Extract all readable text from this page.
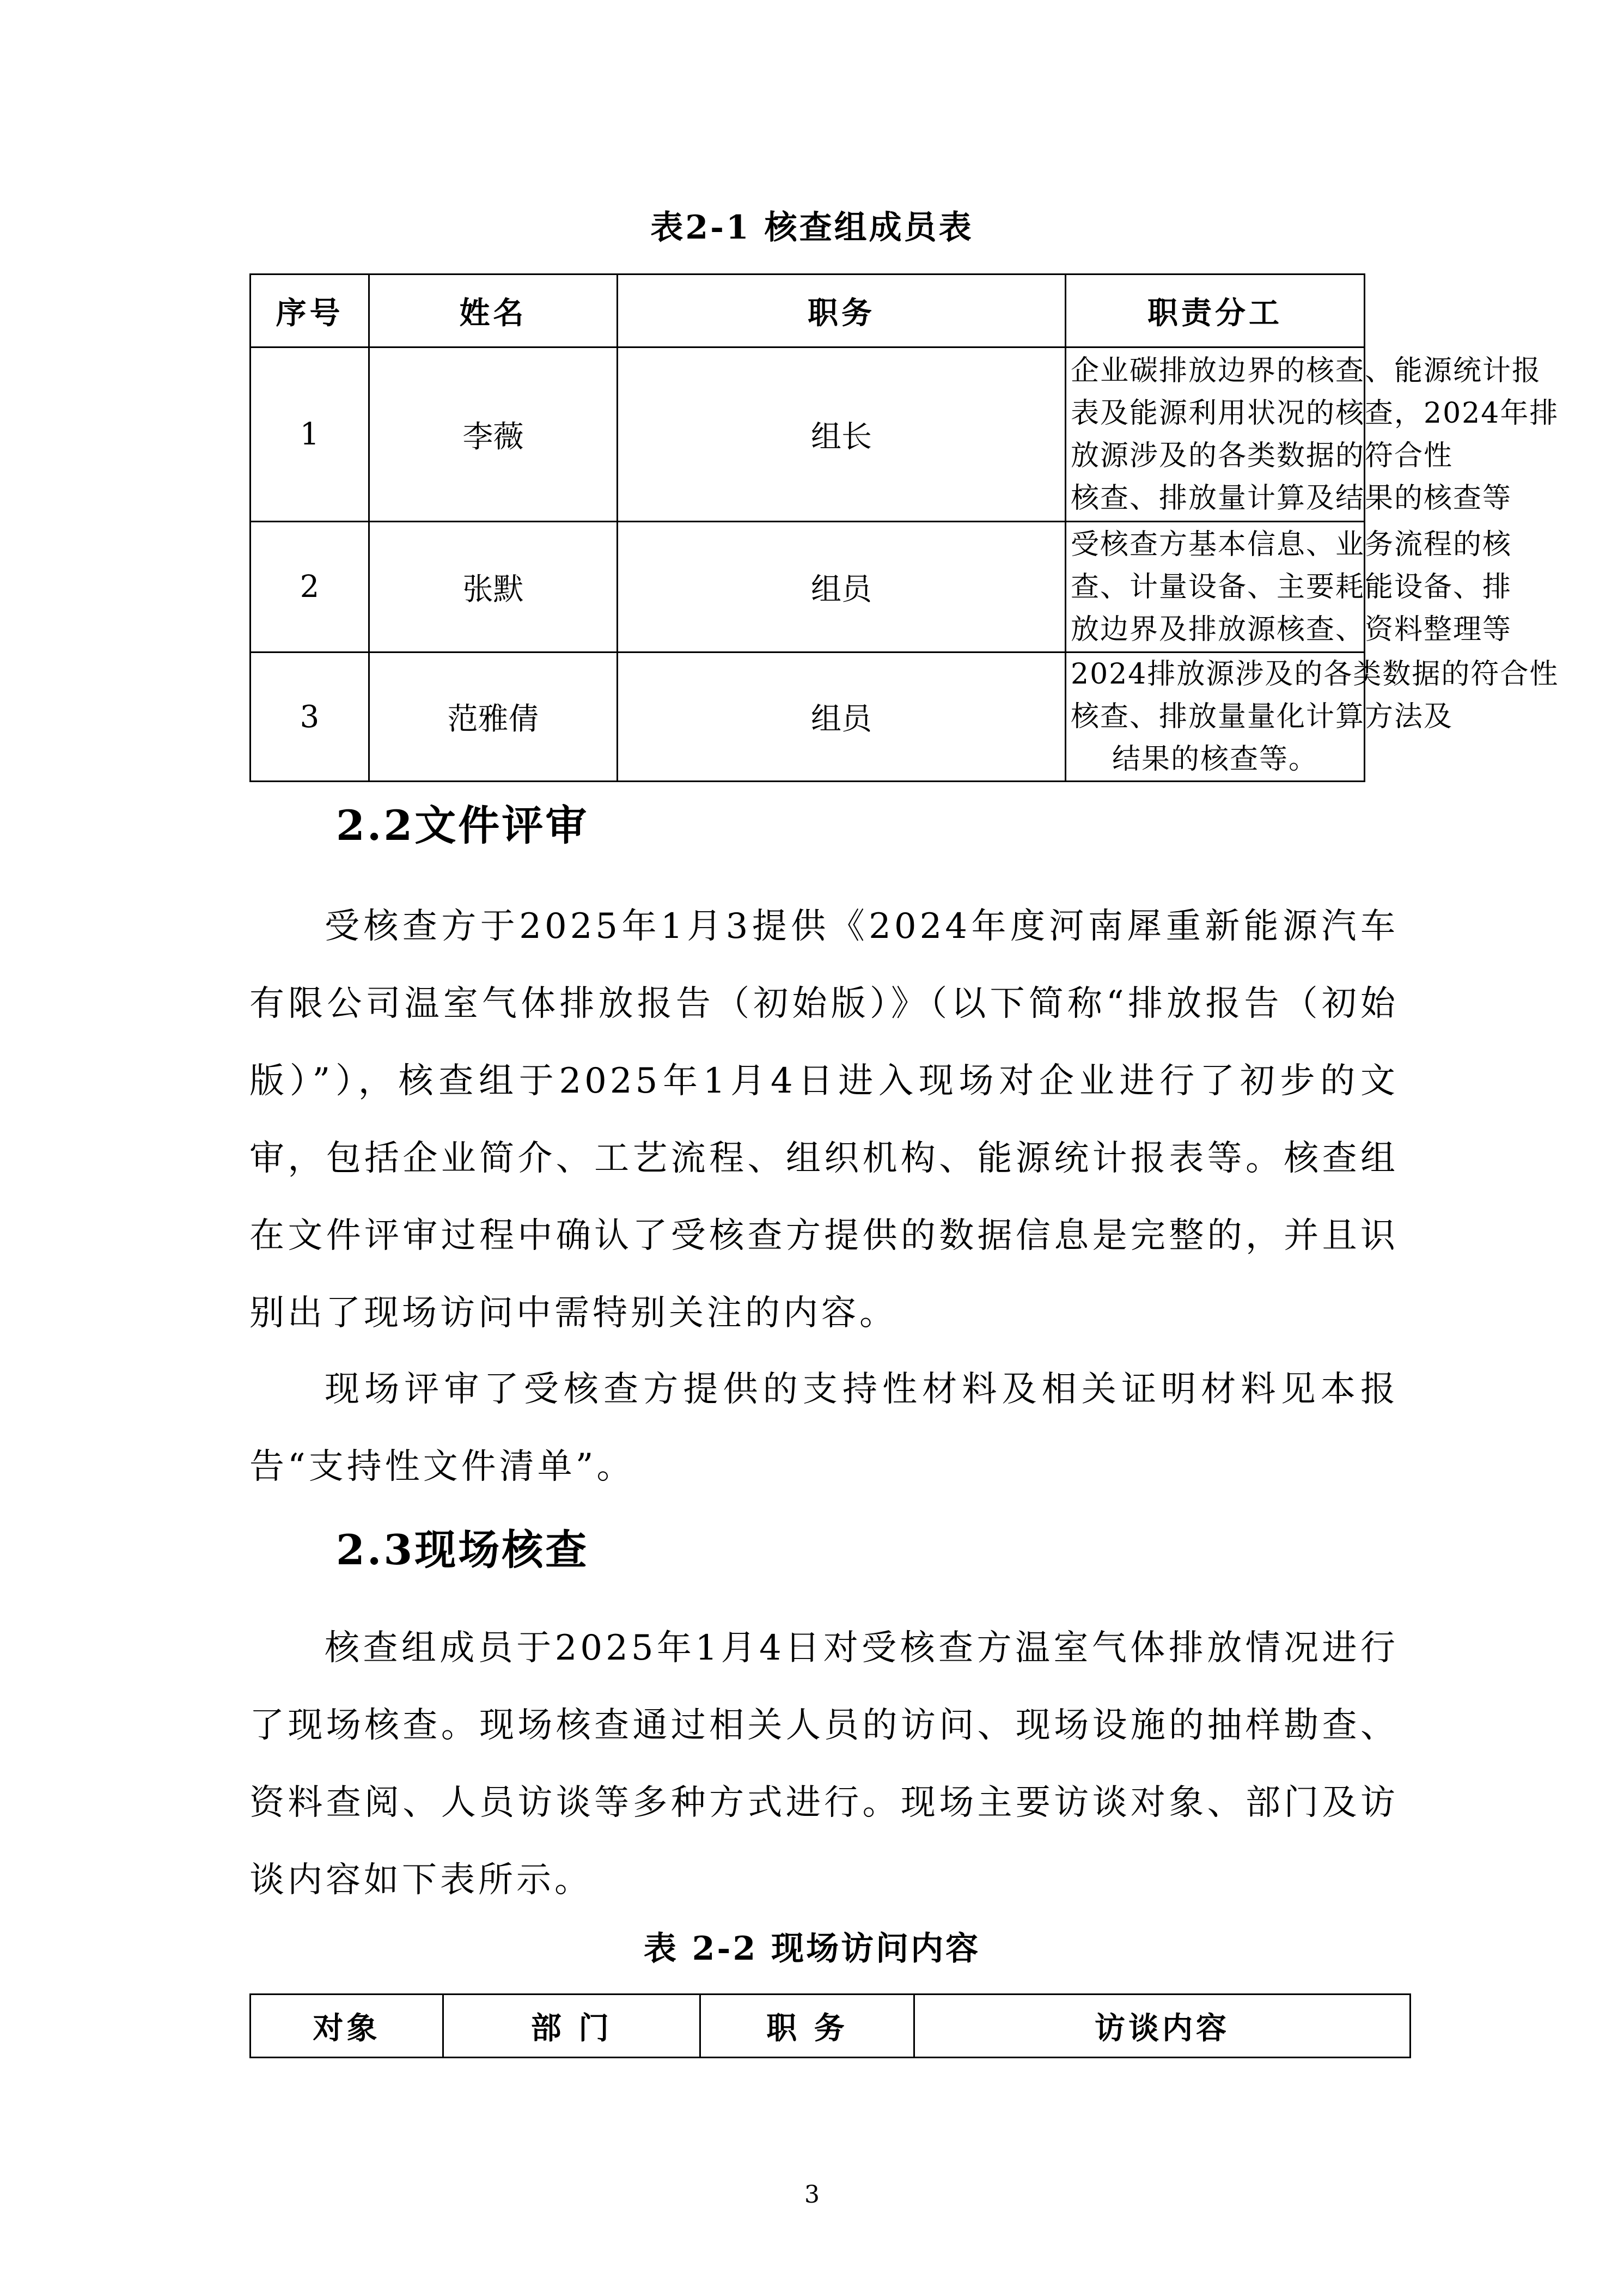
表2-1 核查组成员表
序号	姓名	职务	职责分工
1	李薇	组长	企业碳排放边界的核查、能源统计报
表及能源利用状况的核查，2024年排
放源涉及的各类数据的符合性
核查、排放量计算及结果的核查等

2	张默	组员	受核查方基本信息、业务流程的核
查、计量设备、主要耗能设备、排
放边界及排放源核查、资料整理等

3	范雅倩	组员	2024排放源涉及的各类数据的符合性
核查、排放量量化计算方法及
结果的核查等。
2.2文件评审
受核查方于2025年1月3提供《2024年度河南犀重新能源汽车有限公司温室气体排放报告（初始版）》（以下简称“排放报告（初始版）”），核查组于2025年1月4日进入现场对企业进行了初步的文审，包括企业简介、工艺流程、组织机构、能源统计报表等。核查组在文件评审过程中确认了受核查方提供的数据信息是完整的，并且识别出了现场访问中需特别关注的内容。
现场评审了受核查方提供的支持性材料及相关证明材料见本报告“支持性文件清单”。
2.3现场核查
核查组成员于2025年1月4日对受核查方温室气体排放情况进行了现场核查。现场核查通过相关人员的访问、现场设施的抽样勘查、资料查阅、人员访谈等多种方式进行。现场主要访谈对象、部门及访谈内容如下表所示。
表 2-2 现场访问内容
对象	部 门	职 务	访谈内容
3
